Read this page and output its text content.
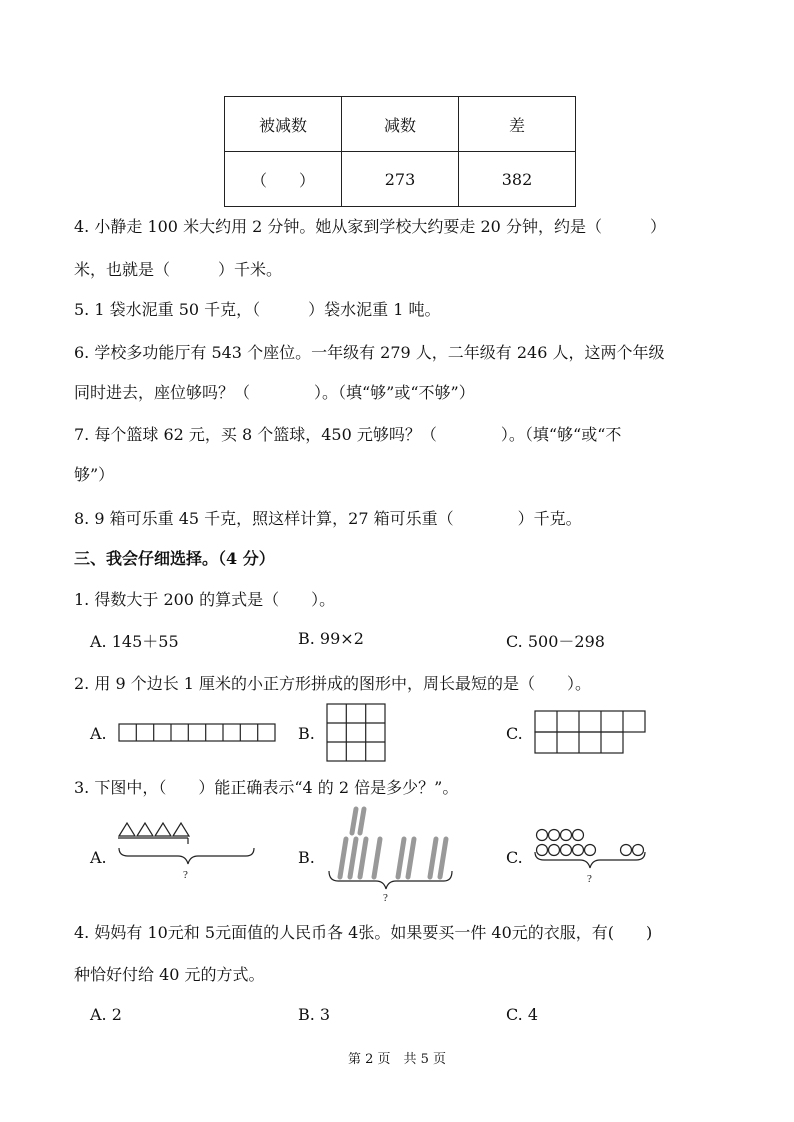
被减数	减数	差
（　　）	273	382
4. 小静走 100 米大约用 2 分钟。她从家到学校大约要走 20 分钟，约是（　　　）
米，也就是（　　　）千米。
5. 1 袋水泥重 50 千克，（　　　）袋水泥重 1 吨。
6. 学校多功能厅有 543 个座位。一年级有 279 人，二年级有 246 人，这两个年级
同时进去，座位够吗？（　　　　）。（填“够”或“不够”）
7. 每个篮球 62 元，买 8 个篮球，450 元够吗？（　　　　）。（填“够“或“不
够”）
8. 9 箱可乐重 45 千克，照这样计算，27 箱可乐重（　　　　）千克。
三、我会仔细选择。（4 分）
1. 得数大于 200 的算式是（　　）。
A. 145＋55	B. 99×2	C. 500－298
2. 用 9 个边长 1 厘米的小正方形拼成的图形中，周长最短的是（　　）。
A.	B.	C.
3. 下图中，（　　）能正确表示“4 的 2 倍是多少？”。
A.
?
B.
?
C.
?
4. 妈妈有 10元和 5元面值的人民币各 4张。如果要买一件 40元的衣服，有(　　)
种恰好付给 40 元的方式。
A. 2	B. 3	C. 4
第 2 页　共 5 页
